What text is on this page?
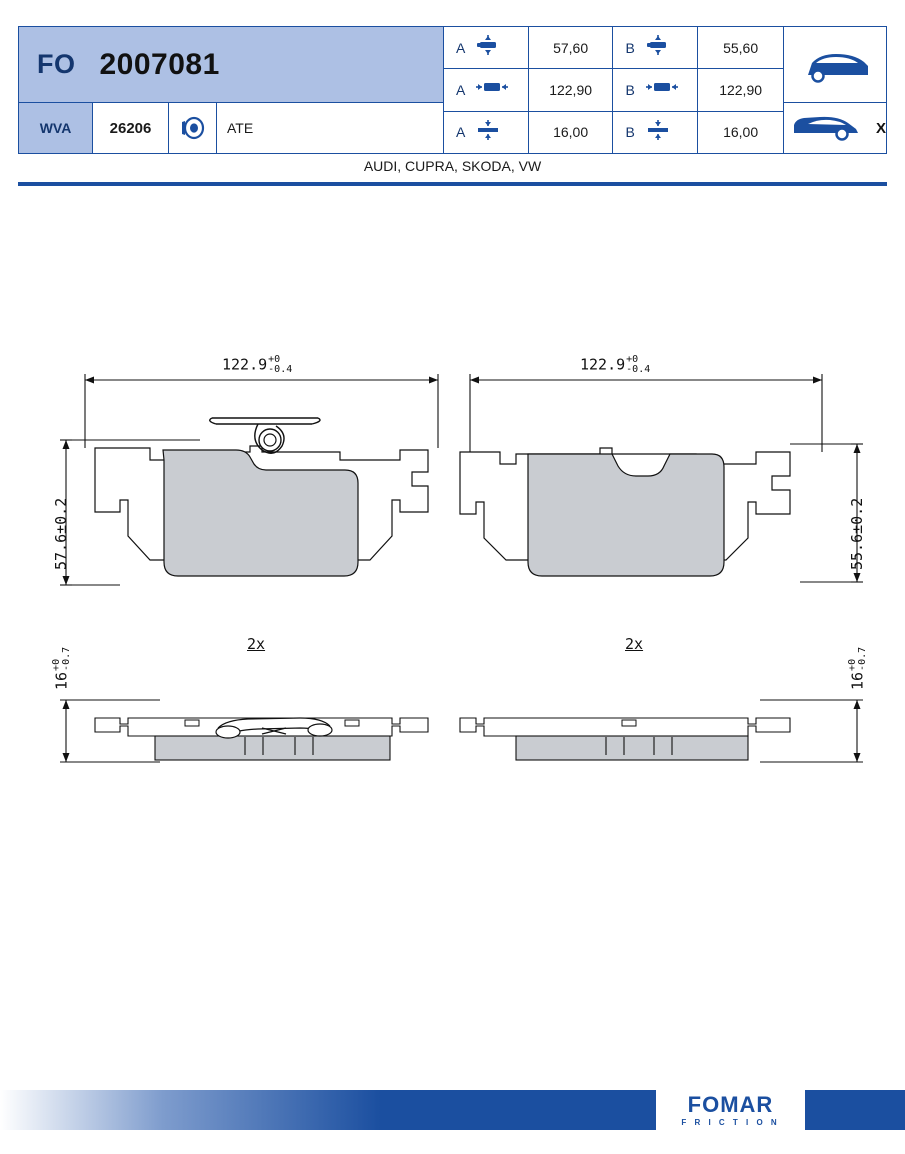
FO 2007081
WVA	26206	ATE
A	57,60	B	55,60
A	122,90	B	122,90
A	16,00	B	16,00	X
AUDI, CUPRA, SKODA, VW
122.9 +0
-0.4	122.9 +0
-0.4
57.6±0.2	55.6±0.2
16
+0 -0.7
16
+0 -0.7
2x	2x
FOMAR
F R I C T I O N
